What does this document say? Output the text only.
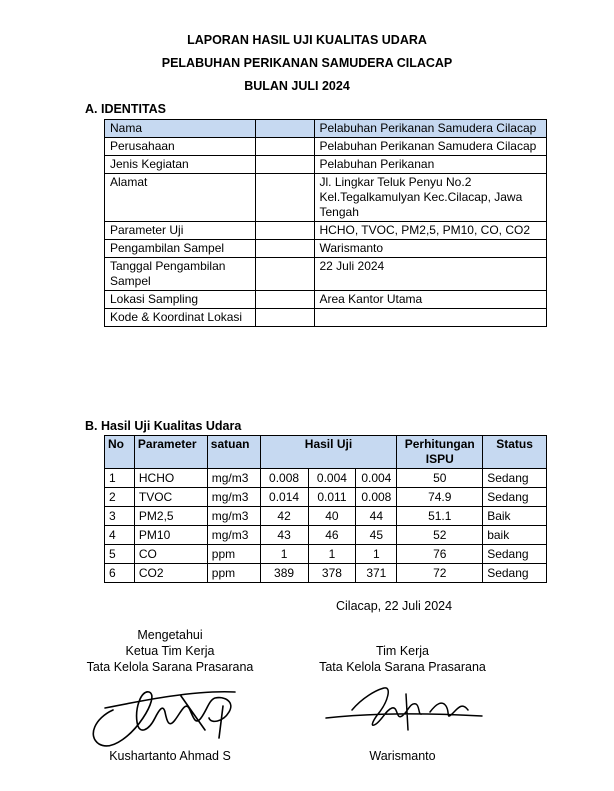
LAPORAN HASIL UJI KUALITAS UDARA
PELABUHAN PERIKANAN SAMUDERA CILACAP
BULAN JULI 2024
A. IDENTITAS
Nama		Pelabuhan Perikanan Samudera Cilacap
Perusahaan		Pelabuhan Perikanan Samudera Cilacap
Jenis Kegiatan		Pelabuhan Perikanan
Alamat		Jl. Lingkar Teluk Penyu No.2 Kel.Tegalkamulyan Kec.Cilacap, Jawa Tengah
Parameter Uji		HCHO, TVOC, PM2,5, PM10, CO, CO2
Pengambilan Sampel		Warismanto
Tanggal Pengambilan Sampel		22 Juli 2024
Lokasi Sampling		Area Kantor Utama
Kode & Koordinat Lokasi		
B. Hasil Uji Kualitas Udara
No	Parameter	satuan	Hasil Uji			Perhitungan ISPU	Status
1	HCHO	mg/m3	0.008	0.004	0.004	50	Sedang
2	TVOC	mg/m3	0.014	0.011	0.008	74.9	Sedang
3	PM2,5	mg/m3	42	40	44	51.1	Baik
4	PM10	mg/m3	43	46	45	52	baik
5	CO	ppm	1	1	1	76	Sedang
6	CO2	ppm	389	378	371	72	Sedang
Cilacap, 22 Juli 2024
Mengetahui
Ketua Tim Kerja
Tata Kelola Sarana Prasarana
Kushartanto Ahmad S
Tim Kerja
Tata Kelola Sarana Prasarana
Warismanto
